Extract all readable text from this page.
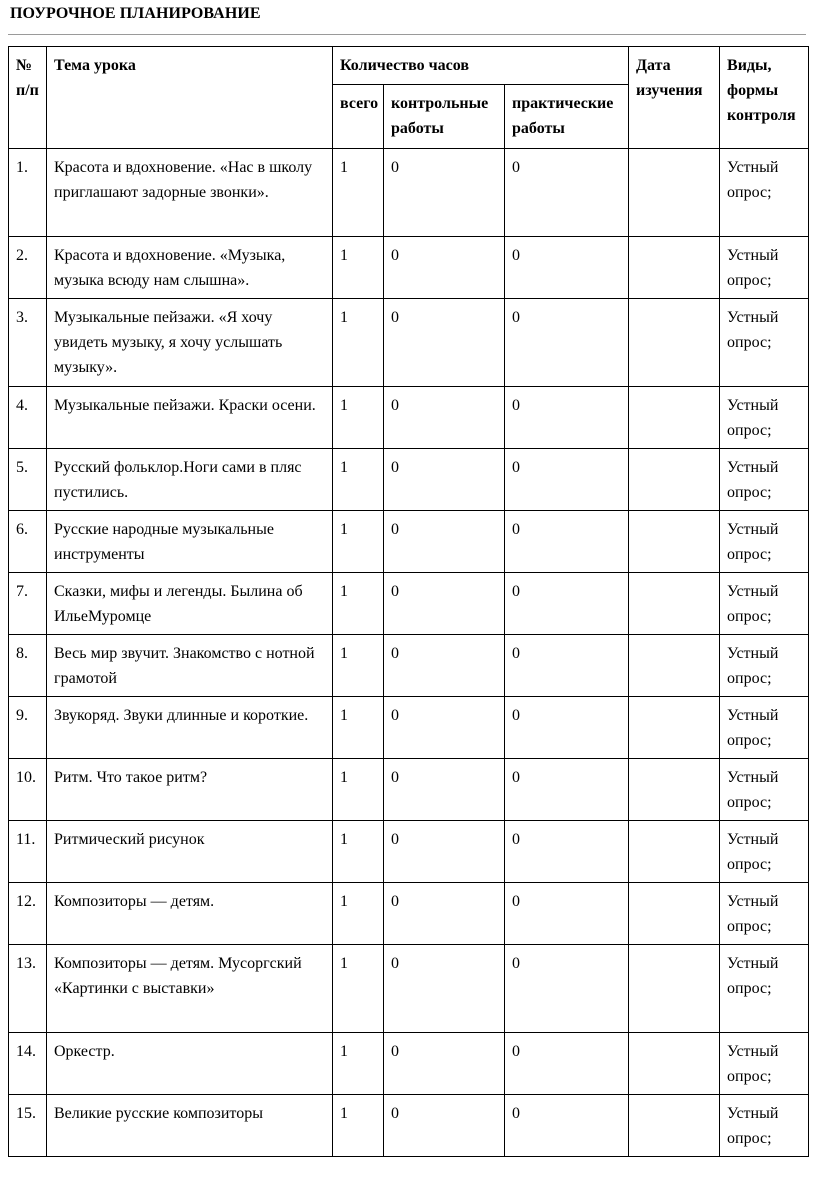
ПОУРОЧНОЕ ПЛАНИРОВАНИЕ
№ п/п	Тема урока	Количество часов			Дата изучения	Виды, формы контроля
		всего	контрольные работы	практические работы		
1.	Красота и вдохновение. «Нас в школу приглашают задорные звонки».	1	0	0		Устный опрос;
2.	Красота и вдохновение. «Музыка, музыка всюду нам слышна».	1	0	0		Устный опрос;
3.	Музыкальные пейзажи. «Я хочу увидеть музыку, я хочу услышать музыку».	1	0	0		Устный опрос;
4.	Музыкальные пейзажи. Краски осени.	1	0	0		Устный опрос;
5.	Русский фольклор.Ноги сами в пляс пустились.	1	0	0		Устный опрос;
6.	Русские народные музыкальные инструменты	1	0	0		Устный опрос;
7.	Сказки, мифы и легенды. Былина об ИльеМуромце	1	0	0		Устный опрос;
8.	Весь мир звучит. Знакомство с нотной грамотой	1	0	0		Устный опрос;
9.	Звукоряд. Звуки длинные и короткие.	1	0	0		Устный опрос;
10.	Ритм. Что такое ритм?	1	0	0		Устный опрос;
11.	Ритмический рисунок	1	0	0		Устный опрос;
12.	Композиторы — детям.	1	0	0		Устный опрос;
13.	Композиторы — детям. Мусоргский «Картинки с выставки»	1	0	0		Устный опрос;
14.	Оркестр.	1	0	0		Устный опрос;
15.	Великие русские композиторы	1	0	0		Устный опрос;
